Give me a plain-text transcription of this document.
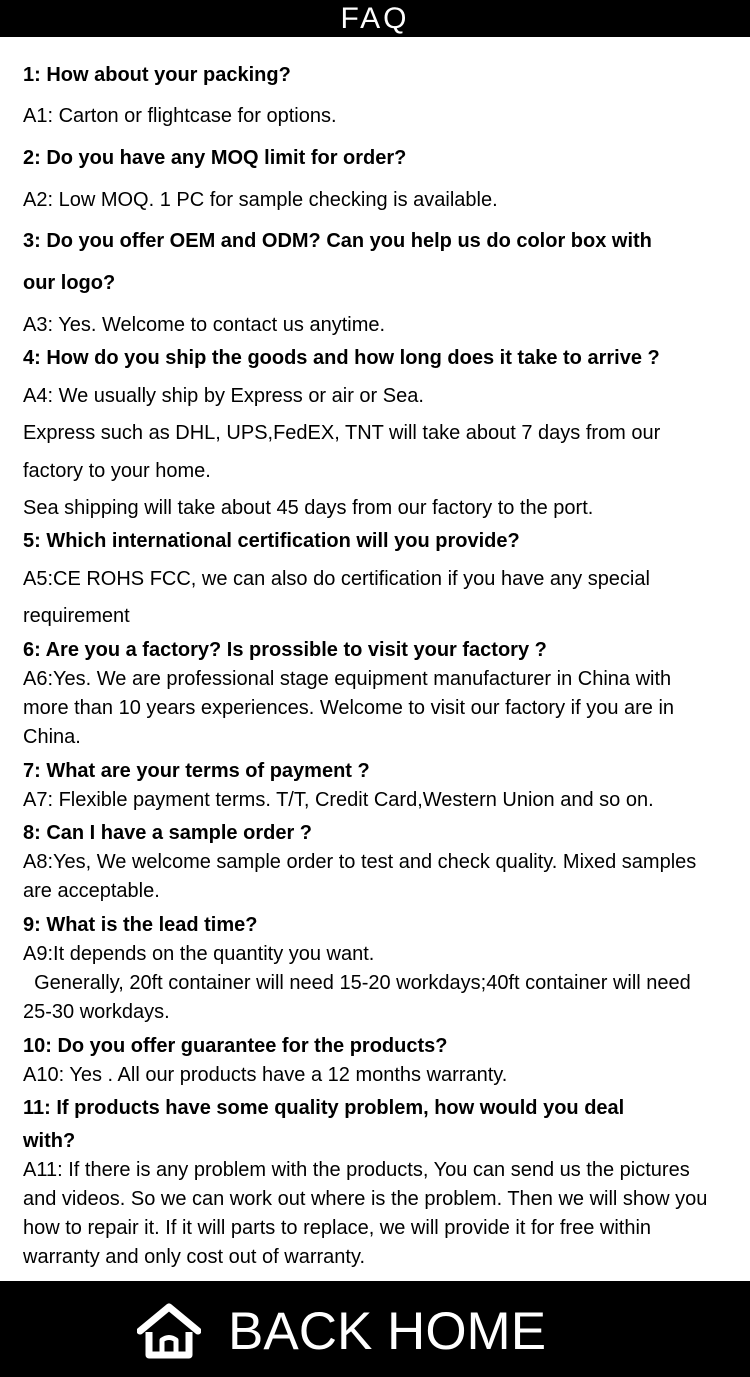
FAQ
1: How about your packing?
A1: Carton or flightcase for options.
2: Do you have any MOQ limit for order?
A2: Low MOQ. 1 PC for sample checking is available.
3: Do you offer OEM and ODM? Can you help us do color box with
our logo?
A3: Yes. Welcome to contact us anytime.
4: How do you ship the goods and how long does it take to arrive ?
A4: We usually ship by Express or air or Sea.
Express such as DHL, UPS,FedEX, TNT will take about 7 days from our
factory to your home.
Sea shipping will take about 45 days from our factory to the port.
5: Which international certification will you provide?
A5:CE ROHS FCC, we can also do certification if you have any special
requirement
6: Are you a factory? Is prossible to visit your factory ?
A6:Yes. We are professional stage equipment manufacturer in China with
more than 10 years experiences. Welcome to visit our factory if you are in
China.
7: What are your terms of payment ?
A7: Flexible payment terms. T/T, Credit Card,Western Union and so on.
8: Can I have a sample order ?
A8:Yes, We welcome sample order to test and check quality. Mixed samples
are acceptable.
9: What is the lead time?
A9:It depends on the quantity you want.
Generally, 20ft container will need 15-20 workdays;40ft container will need
25-30 workdays.
10: Do you offer guarantee for the products?
A10: Yes . All our products have a 12 months warranty.
11: If products have some quality problem, how would you deal
with?
A11: If there is any problem with the products, You can send us the pictures
and videos. So we can work out where is the problem. Then we will show you
how to repair it. If it will parts to replace, we will provide it for free within
warranty and only cost out of warranty.
BACK HOME
